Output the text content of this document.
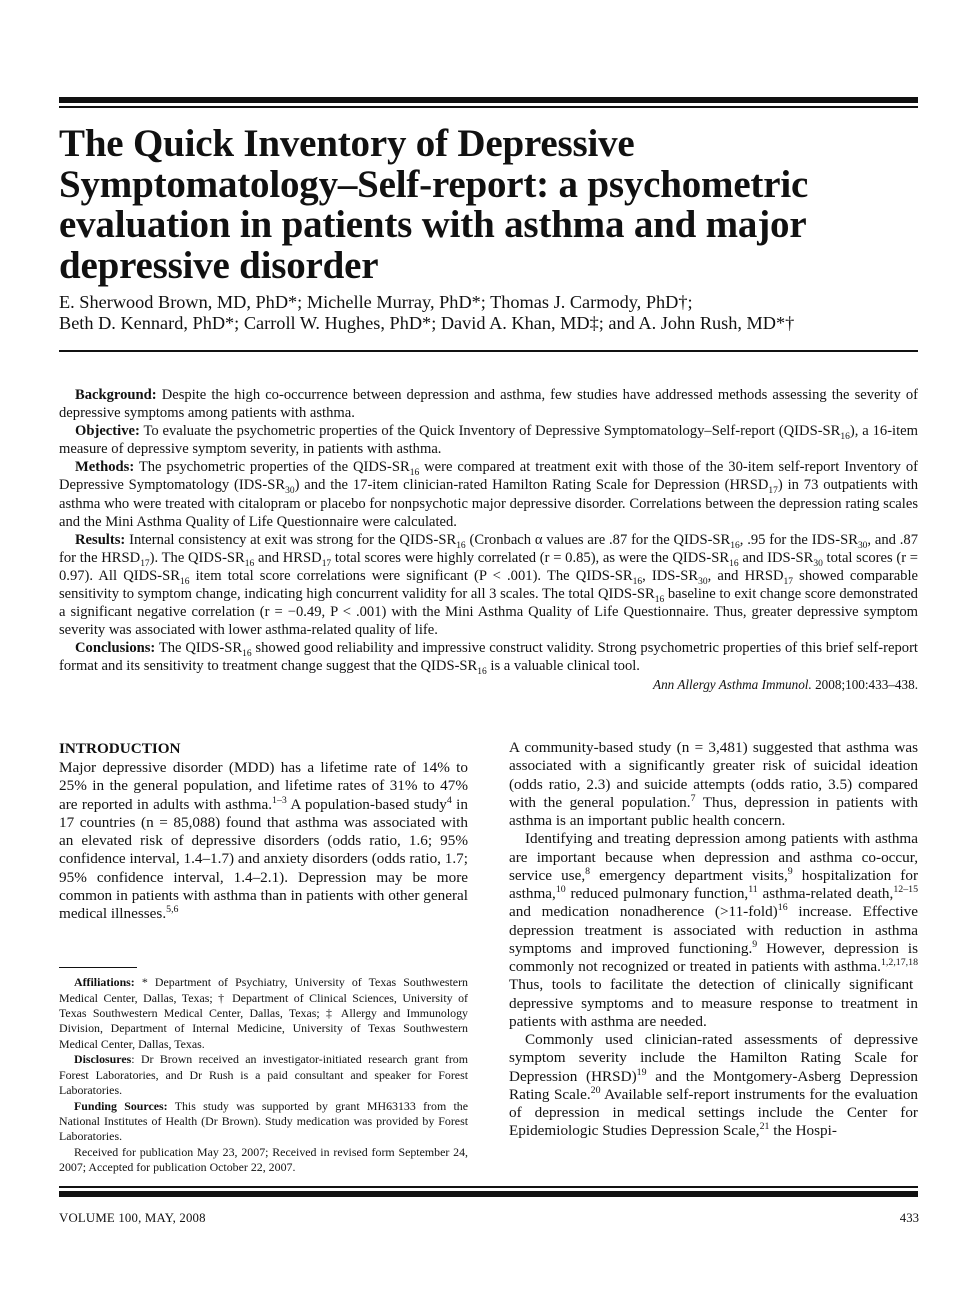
The Quick Inventory of Depressive Symptomatology–Self-report: a psychometric evaluation in patients with asthma and major depressive disorder
E. Sherwood Brown, MD, PhD*; Michelle Murray, PhD*; Thomas J. Carmody, PhD†;
Beth D. Kennard, PhD*; Carroll W. Hughes, PhD*; David A. Khan, MD‡; and A. John Rush, MD*†

Background: Despite the high co-occurrence between depression and asthma, few studies have addressed methods assessing the severity of depressive symptoms among patients with asthma.

Objective: To evaluate the psychometric properties of the Quick Inventory of Depressive Symptomatology–Self-report $(QIDS-SR_{16})$, a 16-item measure of depressive symptom severity, in patients with asthma.

Methods: The psychometric properties of the QIDS-$SR_{16}$ were compared at treatment exit with those of the 30-item self-report Inventory of Depressive Symptomatology $(IDS-SR_{30})$ and the 17-item clinician-rated Hamilton Rating Scale for Depression $(HRSD_{17})$ in 73 outpatients with asthma who were treated with citalopram or placebo for nonpsychotic major depressive disorder. Correlations between the depression rating scales and the Mini Asthma Quality of Life Questionnaire were calculated.

Results: Internal consistency at exit was strong for the QIDS-$SR_{16}$ (Cronbach α values are .87 for the QIDS-$SR_{16}$, .95 for the IDS-$SR_{30}$, and .87 for the $HRSD_{17}$). The QIDS-$SR_{16}$ and $HRSD_{17}$ total scores were highly correlated (r = 0.85), as were the QIDS-$SR_{16}$ and IDS-$SR_{30}$ total scores (r = 0.97). All QIDS-$SR_{16}$ item total score correlations were significant (P < .001). The QIDS-$SR_{16}$, IDS-$SR_{30}$, and $HRSD_{17}$ showed comparable sensitivity to symptom change, indicating high concurrent validity for all 3 scales. The total QIDS-$SR_{16}$ baseline to exit change score demonstrated a significant negative correlation (r = −0.49, P < .001) with the Mini Asthma Quality of Life Questionnaire. Thus, greater depressive symptom severity was associated with lower asthma-related quality of life.

Conclusions: The QIDS-$SR_{16}$ showed good reliability and impressive construct validity. Strong psychometric properties of this brief self-report format and its sensitivity to treatment change suggest that the QIDS-$SR_{16}$ is a valuable clinical tool.

Ann Allergy Asthma Immunol. 2008;100:433–438.
INTRODUCTION

Major depressive disorder (MDD) has a lifetime rate of 14% to 25% in the general population, and lifetime rates of 31% to 47% are reported in adults with asthma.$^{1-3}$ A population-based study$^4$ in 17 countries (n = 85,088) found that asthma was associated with an elevated risk of depressive disorders (odds ratio, 1.6; 95% confidence interval, 1.4–1.7) and anxiety disorders (odds ratio, 1.7; 95% confidence interval, 1.4–2.1). Depression may be more common in patients with asthma than in patients with other general medical illnesses.$^{5,6}$

Affiliations: * Department of Psychiatry, University of Texas Southwestern Medical Center, Dallas, Texas; † Department of Clinical Sciences, University of Texas Southwestern Medical Center, Dallas, Texas; ‡ Allergy and Immunology Division, Department of Internal Medicine, University of Texas Southwestern Medical Center, Dallas, Texas.

Disclosures: Dr Brown received an investigator-initiated research grant from Forest Laboratories, and Dr Rush is a paid consultant and speaker for Forest Laboratories.

Funding Sources: This study was supported by grant MH63133 from the National Institutes of Health (Dr Brown). Study medication was provided by Forest Laboratories.

Received for publication May 23, 2007; Received in revised form September 24, 2007; Accepted for publication October 22, 2007.

A community-based study (n = 3,481) suggested that asthma was associated with a significantly greater risk of suicidal ideation (odds ratio, 2.3) and suicide attempts (odds ratio, 3.5) compared with the general population.$^7$ Thus, depression in patients with asthma is an important public health concern.

Identifying and treating depression among patients with asthma are important because when depression and asthma co-occur, service use,$^8$ emergency department visits,$^9$ hospitalization for asthma,$^{10}$ reduced pulmonary function,$^{11}$ asthma-related death,$^{12-15}$ and medication nonadherence (>11-fold)$^{16}$ increase. Effective depression treatment is associated with reduction in asthma symptoms and improved functioning.$^9$ However, depression is commonly not recognized or treated in patients with asthma.$^{1,2,17,18}$ Thus, tools to facilitate the detection of clinically significant depressive symptoms and to measure response to treatment in patients with asthma are needed.

Commonly used clinician-rated assessments of depressive symptom severity include the Hamilton Rating Scale for Depression (HRSD)$^{19}$ and the Montgomery-Asberg Depression Rating Scale.$^{20}$ Available self-report instruments for the evaluation of depression in medical settings include the Center for Epidemiologic Studies Depression Scale,$^{21}$ the Hospi-

VOLUME 100, MAY, 2008	433
